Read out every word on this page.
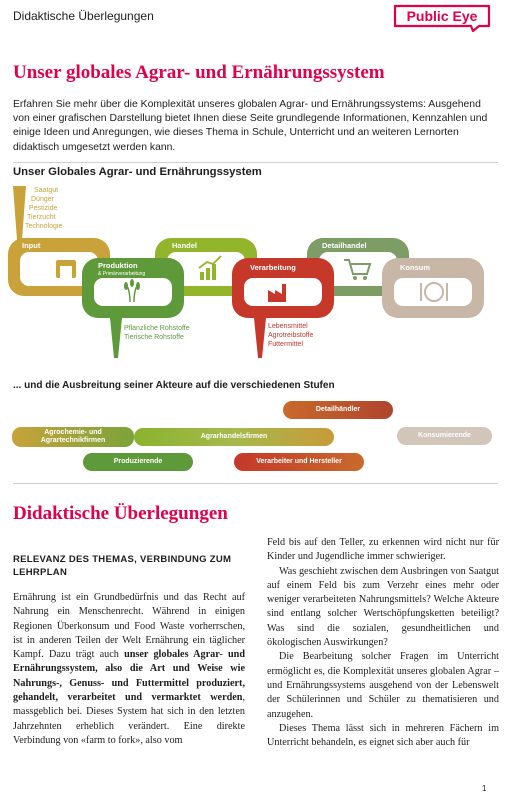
Didaktische Überlegungen	Public Eye
Unser globales Agrar- und Ernährungssystem

Erfahren Sie mehr über die Komplexität unseres globalen Agrar- und Ernährungssystems: Ausgehend von einer grafischen Darstellung bietet Ihnen diese Seite grundlegende Informationen, Kennzahlen und einige Ideen und Anregungen, wie dieses Thema in Schule, Unterricht und an weiteren Lernorten didaktisch umgesetzt werden kann.

Unser Globales Agrar- und Ernährungssystem
Saatgut
Dünger
Pestizide
Tierzucht
Technologie
Input	Handel	Detailhandel
Produktion
& Primärverarbeitung
Verarbeitung	Konsum
Pflanzliche Rohstoffe
Tierische Rohstoffe
Lebensmittel
Agrotreibstoffe
Futtermittel
... und die Ausbreitung seiner Akteure auf die verschiedenen Stufen
Detailhändler
Agrochemie- und Agrartechnikfirmen
Agrarhandelsfirmen	Konsumierende
Produzierende	Verarbeiter und Hersteller
Didaktische Überlegungen
RELEVANZ DES THEMAS, VERBINDUNG ZUM LEHRPLAN
Ernährung ist ein Grundbedürfnis und das Recht auf Nahrung ein Menschenrecht. Während in einigen Regionen Überkonsum und Food Waste vorherrschen, ist in anderen Teilen der Welt Ernährung ein täglicher Kampf. Dazu trägt auch unser globales Agrar- und Ernährungssystem, also die Art und Weise wie Nahrungs-, Genuss- und Futtermittel produziert, gehandelt, verarbeitet und vermarktet werden, massgeblich bei. Dieses System hat sich in den letzten Jahrzehnten erheblich verändert. Eine direkte Verbindung von «farm to fork», also vom

Feld bis auf den Teller, zu erkennen wird nicht nur für Kinder und Jugendliche immer schwieriger.

Was geschieht zwischen dem Ausbringen von Saatgut auf einem Feld bis zum Verzehr eines mehr oder weniger verarbeiteten Nahrungsmittels? Welche Akteure sind entlang solcher Wertschöpfungsketten beteiligt? Was sind die sozialen, gesundheitlichen und ökologischen Auswirkungen?

Die Bearbeitung solcher Fragen im Unterricht ermöglicht es, die Komplexität unseres globalen Agrar – und Ernährungssystems ausgehend von der Lebenswelt der Schülerinnen und Schüler zu thematisieren und anzugehen.

Dieses Thema lässt sich in mehreren Fächern im Unterricht behandeln, es eignet sich aber auch für

1
